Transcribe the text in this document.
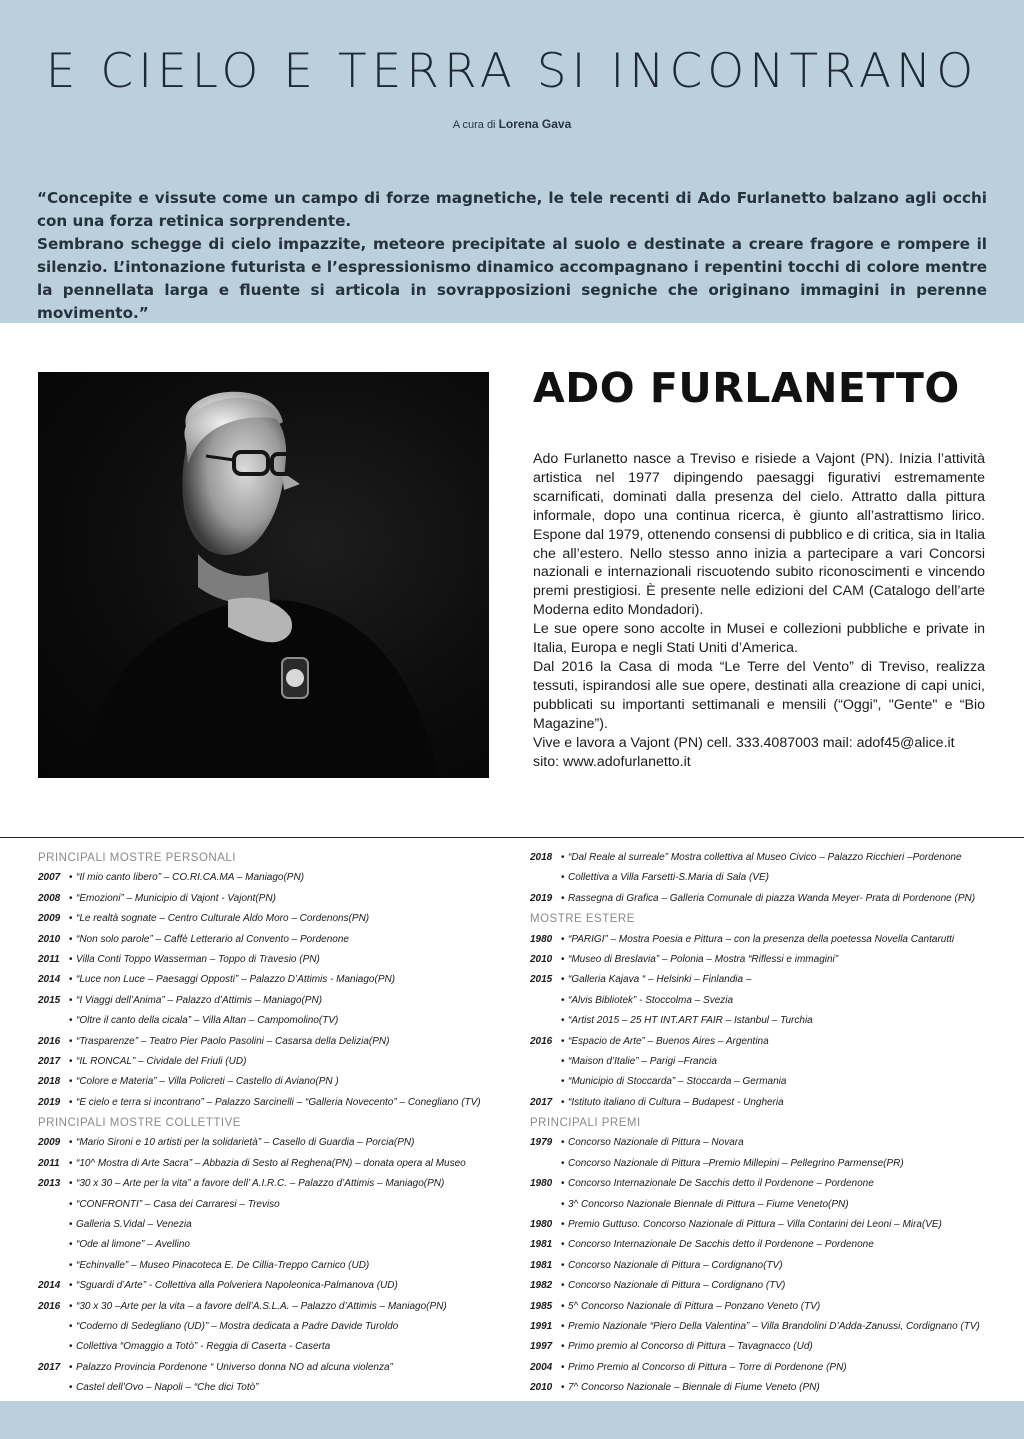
E CIELO E TERRA SI INCONTRANO
A cura di Lorena Gava

“Concepite e vissute come un campo di forze magnetiche, le tele recenti di Ado Furlanetto balzano agli occhi con una forza retinica sorprendente.

Sembrano schegge di cielo impazzite, meteore precipitate al suolo e destinate a creare fragore e rompere il silenzio. L’intonazione futurista e l’espressionismo dinamico accompagnano i repentini tocchi di colore mentre la pennellata larga e fluente si articola in sovrapposizioni segniche che originano immagini in perenne movimento.”

ADO FURLANETTO

Ado Furlanetto nasce a Treviso e risiede a Vajont (PN). Inizia l’attività artistica nel 1977 dipingendo paesaggi figurativi estremamente scarnificati, dominati dalla presenza del cielo. Attratto dalla pittura informale, dopo una continua ricerca, è giunto all’astrattismo lirico. Espone dal 1979, ottenendo consensi di pubblico e di critica, sia in Italia che all’estero. Nello stesso anno inizia a partecipare a vari Concorsi nazionali e internazionali riscuotendo subito riconoscimenti e vincendo premi prestigiosi. È presente nelle edizioni del CAM (Catalogo dell’arte Moderna edito Mondadori).

Le sue opere sono accolte in Musei e collezioni pubbliche e private in Italia, Europa e negli Stati Uniti d’America.

Dal 2016 la Casa di moda “Le Terre del Vento” di Treviso, realizza tessuti, ispirandosi alle sue opere, destinati alla creazione di capi unici, pubblicati su importanti settimanali e mensili (“Oggi”, "Gente" e “Bio Magazine”).

Vive e lavora a Vajont (PN) cell. 333.4087003 mail: adof45@alice.it

sito: www.adofurlanetto.it

PRINCIPALI MOSTRE PERSONALI
2007 • “Il mio canto libero” – CO.RI.CA.MA – Maniago(PN)
2008 • “Emozioni” – Municipio di Vajont - Vajont(PN)
2009 • “Le realtà sognate – Centro Culturale Aldo Moro – Cordenons(PN)
2010 • “Non solo parole” – Caffè Letterario al Convento – Pordenone
2011 • Villa Conti Toppo Wasserman – Toppo di Travesio (PN)
2014 • “Luce non Luce – Paesaggi Opposti” – Palazzo D’Attimis - Maniago(PN)
2015 • “I Viaggi dell’Anima” – Palazzo d’Attimis – Maniago(PN)
• “Oltre il canto della cicala” – Villa Altan – Campomolino(TV)
2016 • “Trasparenze” – Teatro Pier Paolo Pasolini – Casarsa della Delizia(PN)
2017 • “IL RONCAL” – Cividale del Friuli (UD)
2018 • “Colore e Materia” – Villa Policreti – Castello di Aviano(PN )
2019 • “E cielo e terra si incontrano” – Palazzo Sarcinelli – “Galleria Novecento” – Conegliano (TV)
PRINCIPALI MOSTRE COLLETTIVE
2009 • “Mario Sironi e 10 artisti per la solidarietà” – Casello di Guardia – Porcia(PN)
2011 • “10^ Mostra di Arte Sacra” – Abbazia di Sesto al Reghena(PN) – donata opera al Museo
2013 • “30 x 30 – Arte per la vita” a favore dell’ A.I.R.C. – Palazzo d’Attimis – Maniago(PN)
• “CONFRONTI” – Casa dei Carraresi – Treviso
• Galleria S.Vidal – Venezia
• “Ode al limone” – Avellino
• “Echinvalle” – Museo Pinacoteca E. De Cillia-Treppo Carnico (UD)
2014 • “Sguardi d’Arte” - Collettiva alla Polveriera Napoleonica-Palmanova (UD)
2016 • “30 x 30 –Arte per la vita – a favore dell’A.S.L.A. – Palazzo d’Attimis – Maniago(PN)
• “Coderno di Sedegliano (UD)” – Mostra dedicata a Padre Davide Turoldo
• Collettiva “Omaggio a Totò” - Reggia di Caserta - Caserta
2017 • Palazzo Provincia Pordenone “ Universo donna NO ad alcuna violenza”
• Castel dell’Ovo – Napoli – “Che dici Totò”
2018 • “Dal Reale al surreale” Mostra collettiva al Museo Civico – Palazzo Ricchieri –Pordenone
• Collettiva a Villa Farsetti-S.Maria di Sala (VE)
2019 • Rassegna di Grafica – Galleria Comunale di piazza Wanda Meyer- Prata di Pordenone (PN)
MOSTRE ESTERE
1980 • “PARIGI” – Mostra Poesia e Pittura – con la presenza della poetessa Novella Cantarutti
2010 • “Museo di Breslavia” – Polonia – Mostra “Riflessi e immagini”
2015 • “Galleria Kajava “ – Helsinki – Finlandia –
• “Alvis Bibliotek” - Stoccolma – Svezia
• “Artist 2015 – 25 HT INT.ART FAIR – Istanbul – Turchia
2016 • “Espacio de Arte” – Buenos Aires – Argentina
• “Maison d’Italie” – Parigi –Francia
• “Municipio di Stoccarda” – Stoccarda – Germania
2017 • “Istituto italiano di Cultura – Budapest - Ungheria
PRINCIPALI PREMI
1979 • Concorso Nazionale di Pittura – Novara
• Concorso Nazionale di Pittura –Premio Millepini – Pellegrino Parmense(PR)
1980 • Concorso Internazionale De Sacchis detto il Pordenone – Pordenone
• 3^ Concorso Nazionale Biennale di Pittura – Fiume Veneto(PN)
1980 • Premio Guttuso. Concorso Nazionale di Pittura – Villa Contarini dei Leoni – Mira(VE)
1981 • Concorso Internazionale De Sacchis detto il Pordenone – Pordenone
1981 • Concorso Nazionale di Pittura – Cordignano(TV)
1982 • Concorso Nazionale di Pittura – Cordignano (TV)
1985 • 5^ Concorso Nazionale di Pittura – Ponzano Veneto (TV)
1991 • Premio Nazionale “Piero Della Valentina” – Villa Brandolini D’Adda-Zanussi, Cordignano (TV)
1997 • Primo premio al Concorso di Pittura – Tavagnacco (Ud)
2004 • Primo Premio al Concorso di Pittura – Torre di Pordenone (PN)
2010 • 7^ Concorso Nazionale – Biennale di Fiume Veneto (PN)
